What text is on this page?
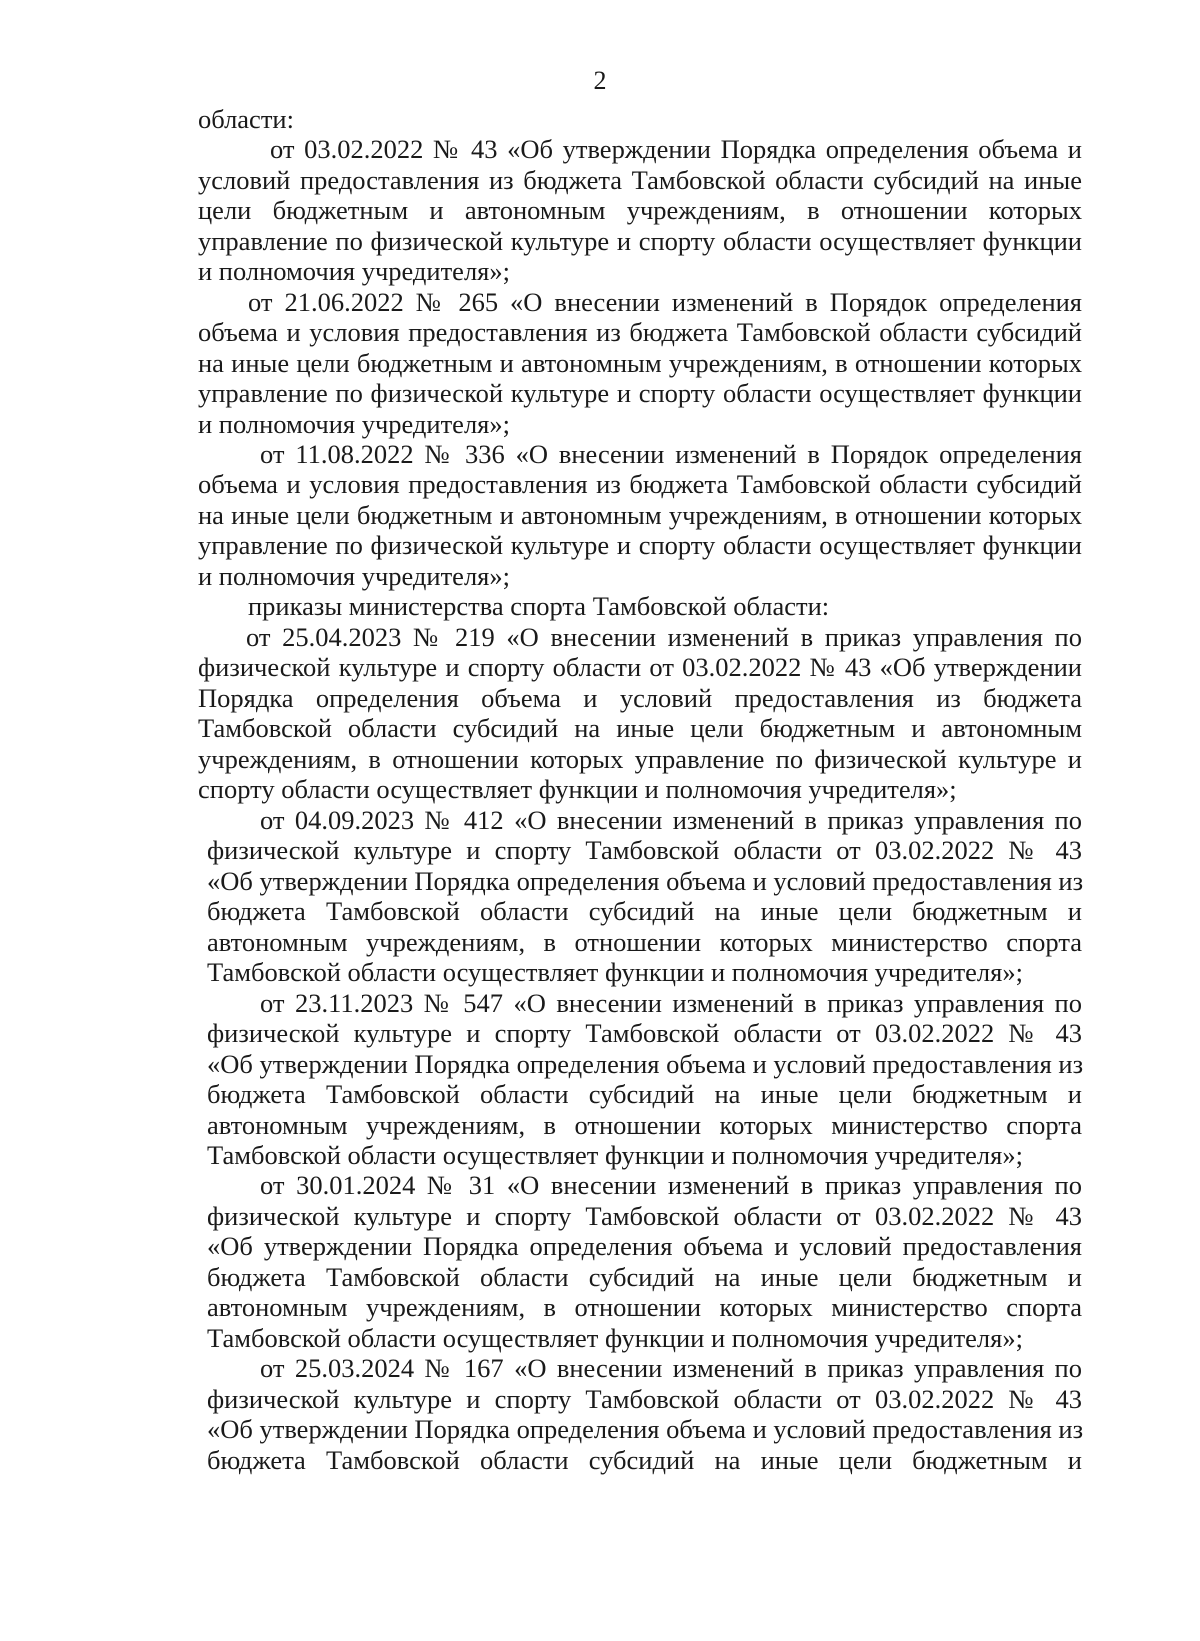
2
области:
от 03.02.2022 № 43 «Об утверждении Порядка определения объема и
условий предоставления из бюджета Тамбовской области субсидий на иные
цели бюджетным и автономным учреждениям, в отношении которых
управление по физической культуре и спорту области осуществляет функции
и полномочия учредителя»;
от 21.06.2022 № 265 «О внесении изменений в Порядок определения
объема и условия предоставления из бюджета Тамбовской области субсидий
на иные цели бюджетным и автономным учреждениям, в отношении которых
управление по физической культуре и спорту области осуществляет функции
и полномочия учредителя»;
от 11.08.2022 № 336 «О внесении изменений в Порядок определения
объема и условия предоставления из бюджета Тамбовской области субсидий
на иные цели бюджетным и автономным учреждениям, в отношении которых
управление по физической культуре и спорту области осуществляет функции
и полномочия учредителя»;
приказы министерства спорта Тамбовской области:
от 25.04.2023 № 219 «О внесении изменений в приказ управления по
физической культуре и спорту области от 03.02.2022 № 43 «Об утверждении
Порядка определения объема и условий предоставления из бюджета
Тамбовской области субсидий на иные цели бюджетным и автономным
учреждениям, в отношении которых управление по физической культуре и
спорту области осуществляет функции и полномочия учредителя»;
от 04.09.2023 № 412 «О внесении изменений в приказ управления по
физической культуре и спорту Тамбовской области от 03.02.2022 № 43
«Об утверждении Порядка определения объема и условий предоставления из
бюджета Тамбовской области субсидий на иные цели бюджетным и
автономным учреждениям, в отношении которых министерство спорта
Тамбовской области осуществляет функции и полномочия учредителя»;
от 23.11.2023 № 547 «О внесении изменений в приказ управления по
физической культуре и спорту Тамбовской области от 03.02.2022 № 43
«Об утверждении Порядка определения объема и условий предоставления из
бюджета Тамбовской области субсидий на иные цели бюджетным и
автономным учреждениям, в отношении которых министерство спорта
Тамбовской области осуществляет функции и полномочия учредителя»;
от 30.01.2024 № 31 «О внесении изменений в приказ управления по
физической культуре и спорту Тамбовской области от 03.02.2022 № 43
«Об утверждении Порядка определения объема и условий предоставления
бюджета Тамбовской области субсидий на иные цели бюджетным и
автономным учреждениям, в отношении которых министерство спорта
Тамбовской области осуществляет функции и полномочия учредителя»;
от 25.03.2024 № 167 «О внесении изменений в приказ управления по
физической культуре и спорту Тамбовской области от 03.02.2022 № 43
«Об утверждении Порядка определения объема и условий предоставления из
бюджета Тамбовской области субсидий на иные цели бюджетным и
